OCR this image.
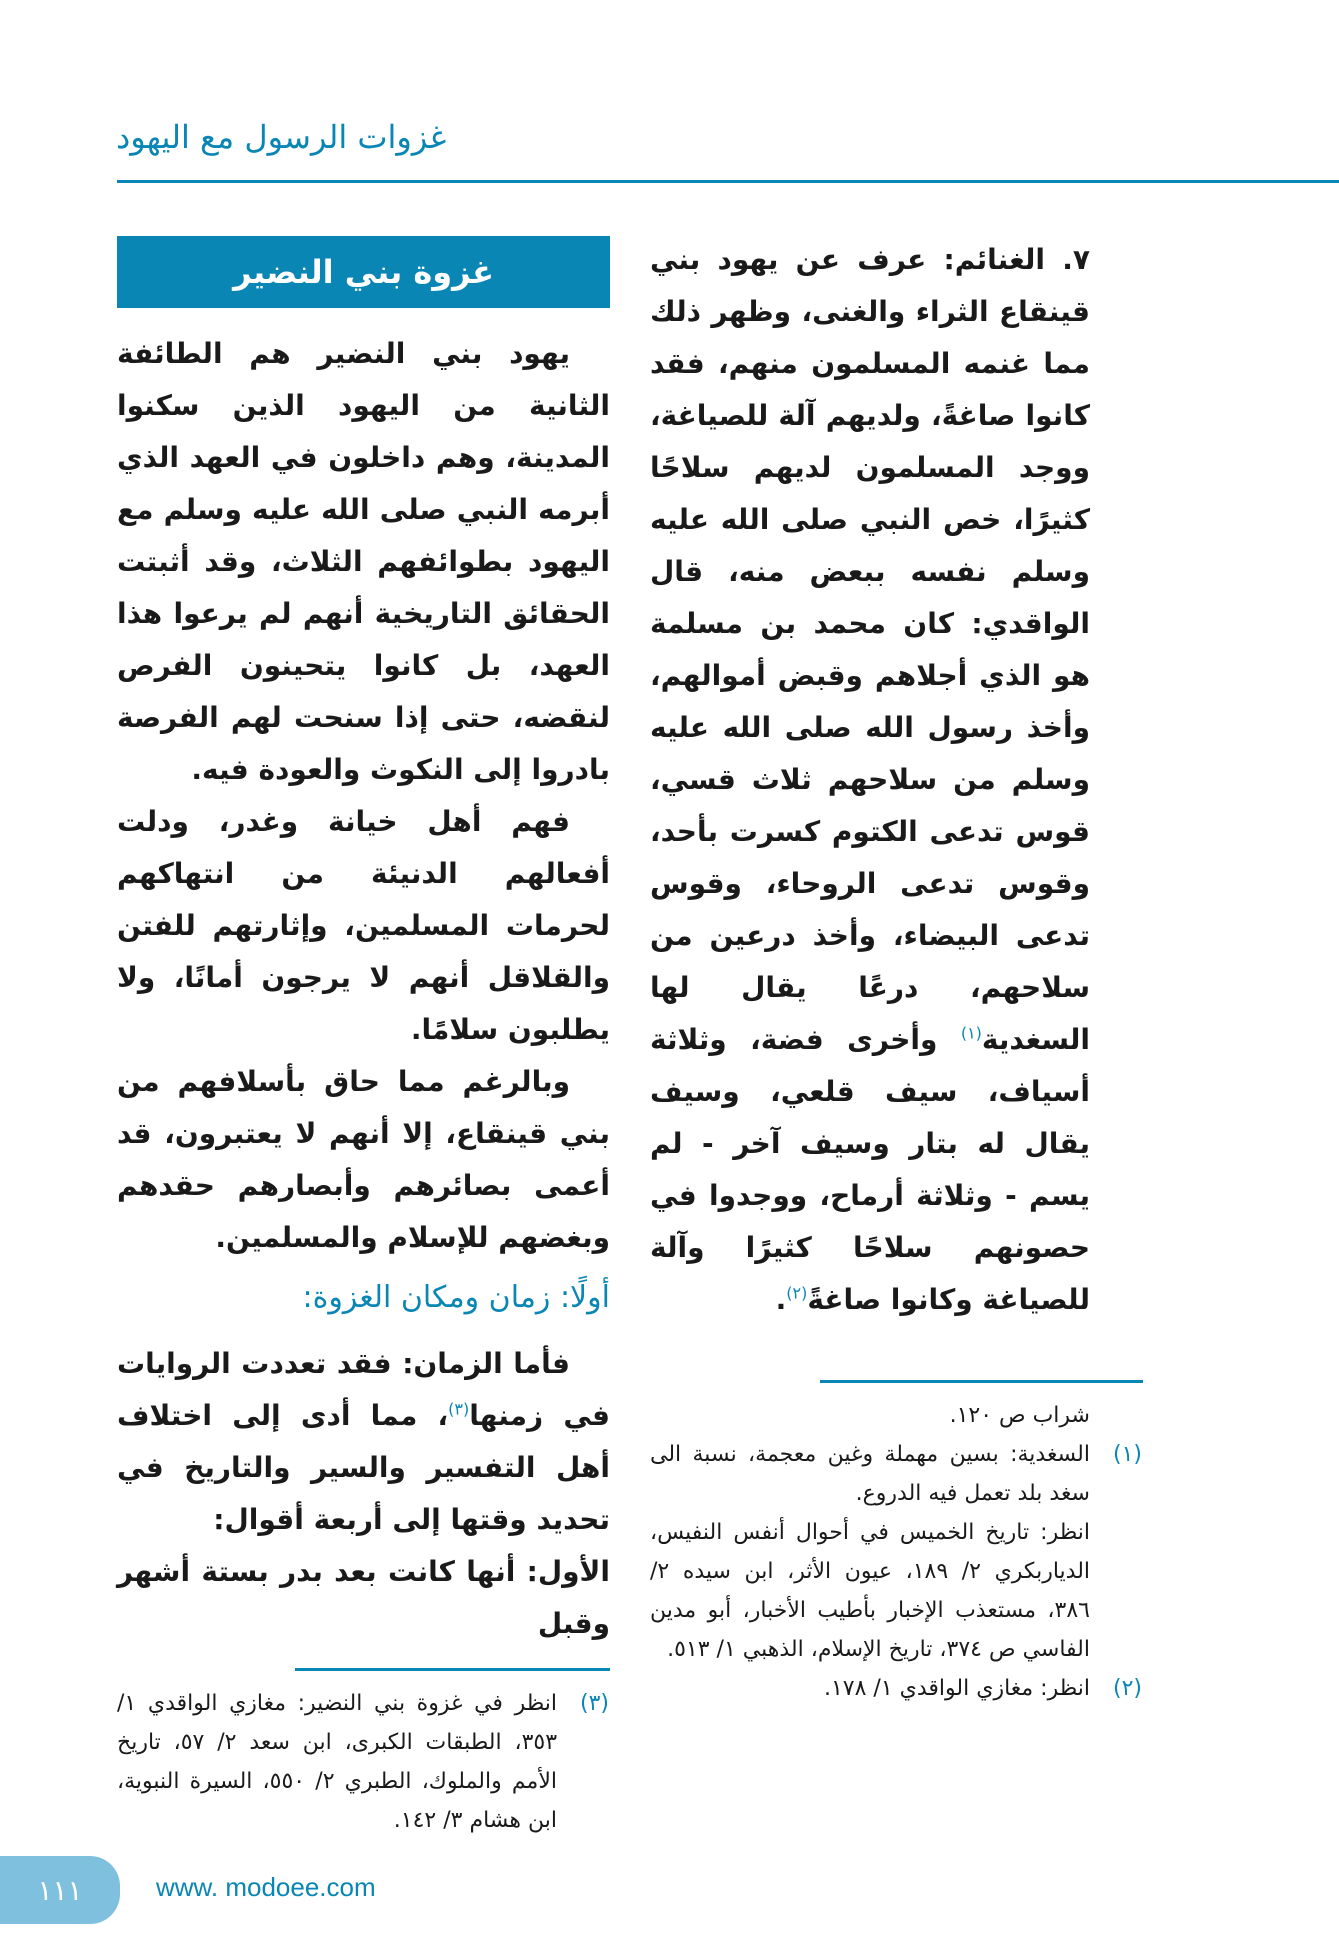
غزوات الرسول مع اليهود

٧. الغنائم: عرف عن يهود بني قينقاع الثراء والغنى، وظهر ذلك مما غنمه المسلمون منهم، فقد كانوا صاغةً، ولديهم آلة للصياغة، ووجد المسلمون لديهم سلاحًا كثيرًا، خص النبي صلى الله عليه وسلم نفسه ببعض منه، قال الواقدي: كان محمد بن مسلمة هو الذي أجلاهم وقبض أموالهم، وأخذ رسول الله صلى الله عليه وسلم من سلاحهم ثلاث قسي، قوس تدعى الكتوم كسرت بأحد، وقوس تدعى الروحاء، وقوس تدعى البيضاء، وأخذ درعين من سلاحهم، درعًا يقال لها السغدية$^{(١)}$ وأخرى فضة، وثلاثة أسياف، سيف قلعي، وسيف يقال له بتار وسيف آخر - لم يسم - وثلاثة أرماح، ووجدوا في حصونهم سلاحًا كثيرًا وآلة للصياغة وكانوا صاغةً$^{(٢)}$.

غزوة بني النضير

يهود بني النضير هم الطائفة الثانية من اليهود الذين سكنوا المدينة، وهم داخلون في العهد الذي أبرمه النبي صلى الله عليه وسلم مع اليهود بطوائفهم الثلاث، وقد أثبتت الحقائق التاريخية أنهم لم يرعوا هذا العهد، بل كانوا يتحينون الفرص لنقضه، حتى إذا سنحت لهم الفرصة بادروا إلى النكوث والعودة فيه.

فهم أهل خيانة وغدر، ودلت أفعالهم الدنيئة من انتهاكهم لحرمات المسلمين، وإثارتهم للفتن والقلاقل أنهم لا يرجون أمانًا، ولا يطلبون سلامًا.

وبالرغم مما حاق بأسلافهم من بني قينقاع، إلا أنهم لا يعتبرون، قد أعمى بصائرهم وأبصارهم حقدهم وبغضهم للإسلام والمسلمين.

أولًا: زمان ومكان الغزوة:

فأما الزمان: فقد تعددت الروايات في زمنها$^{(٣)}$، مما أدى إلى اختلاف أهل التفسير والسير والتاريخ في تحديد وقتها إلى أربعة أقوال:

الأول: أنها كانت بعد بدر بستة أشهر وقبل

شراب ص ١٢٠.
(١)
السغدية: بسين مهملة وغين معجمة، نسبة الى سغد بلد تعمل فيه الدروع.
انظر: تاريخ الخميس في أحوال أنفس النفيس، الدياربكري ٢/ ١٨٩، عيون الأثر، ابن سيده ٢/ ٣٨٦، مستعذب الإخبار بأطيب الأخبار، أبو مدين الفاسي ص ٣٧٤، تاريخ الإسلام، الذهبي ١/ ٥١٣.
(٢)
انظر: مغازي الواقدي ١/ ١٧٨.
(٣)
انظر في غزوة بني النضير: مغازي الواقدي ١/ ٣٥٣، الطبقات الكبرى، ابن سعد ٢/ ٥٧، تاريخ الأمم والملوك، الطبري ٢/ ٥٥٠، السيرة النبوية، ابن هشام ٣/ ١٤٢.
١١١	www. modoee.com
